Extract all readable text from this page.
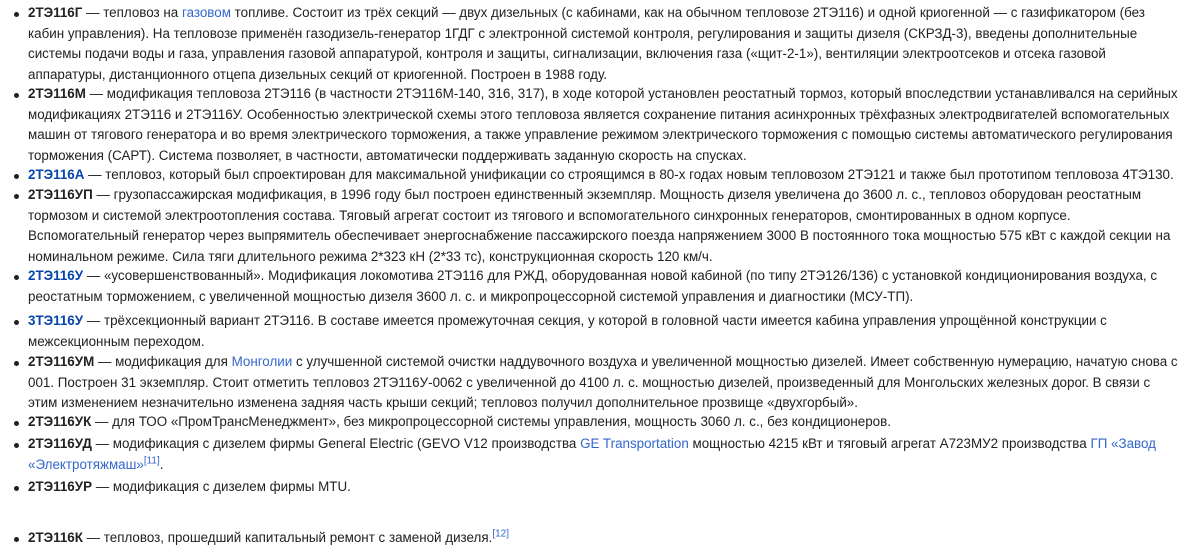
2ТЭ116Г — тепловоз на газовом топливе. Состоит из трёх секций — двух дизельных (с кабинами, как на обычном тепловозе 2ТЭ116) и одной криогенной — с газификатором (без кабин управления). На тепловозе применён газодизель-генератор 1ГДГ с электронной системой контроля, регулирования и защиты дизеля (СКРЗД-3), введены дополнительные системы подачи воды и газа, управления газовой аппаратурой, контроля и защиты, сигнализации, включения газа («щит-2-1»), вентиляции электроотсеков и отсека газовой аппаратуры, дистанционного отцепа дизельных секций от криогенной. Построен в 1988 году.
2ТЭ116М — модификация тепловоза 2ТЭ116 (в частности 2ТЭ116М-140, 316, 317), в ходе которой установлен реостатный тормоз, который впоследствии устанавливался на серийных модификациях 2ТЭ116 и 2ТЭ116У. Особенностью электрической схемы этого тепловоза является сохранение питания асинхронных трёхфазных электродвигателей вспомогательных машин от тягового генератора и во время электрического торможения, а также управление режимом электрического торможения с помощью системы автоматического регулирования торможения (САРТ). Система позволяет, в частности, автоматически поддерживать заданную скорость на спусках.
2ТЭ116А — тепловоз, который был спроектирован для максимальной унификации со строящимся в 80-х годах новым тепловозом 2ТЭ121 и также был прототипом тепловоза 4ТЭ130.
2ТЭ116УП — грузопассажирская модификация, в 1996 году был построен единственный экземпляр. Мощность дизеля увеличена до 3600 л. с., тепловоз оборудован реостатным тормозом и системой электроотопления состава. Тяговый агрегат состоит из тягового и вспомогательного синхронных генераторов, смонтированных в одном корпусе. Вспомогательный генератор через выпрямитель обеспечивает энергоснабжение пассажирского поезда напряжением 3000 В постоянного тока мощностью 575 кВт с каждой секции на номинальном режиме. Сила тяги длительного режима 2*323 кН (2*33 тс), конструкционная скорость 120 км/ч.
2ТЭ116У — «усовершенствованный». Модификация локомотива 2ТЭ116 для РЖД, оборудованная новой кабиной (по типу 2ТЭ126/136) с установкой кондиционирования воздуха, с реостатным торможением, с увеличенной мощностью дизеля 3600 л. с. и микропроцессорной системой управления и диагностики (МСУ-ТП).
3ТЭ116У — трёхсекционный вариант 2ТЭ116. В составе имеется промежуточная секция, у которой в головной части имеется кабина управления упрощённой конструкции с межсекционным переходом.
2ТЭ116УМ — модификация для Монголии с улучшенной системой очистки наддувочного воздуха и увеличенной мощностью дизелей. Имеет собственную нумерацию, начатую снова с 001. Построен 31 экземпляр. Стоит отметить тепловоз 2ТЭ116У-0062 с увеличенной до 4100 л. с. мощностью дизелей, произведенный для Монгольских железных дорог. В связи с этим изменением незначительно изменена задняя часть крыши секций; тепловоз получил дополнительное прозвище «двухгорбый».
2ТЭ116УК — для ТОО «ПромТрансМенеджмент», без микропроцессорной системы управления, мощность 3060 л. с., без кондиционеров.
2ТЭ116УД — модификация с дизелем фирмы General Electric (GEVO V12 производства GE Transportation мощностью 4215 кВт и тяговый агрегат А723МУ2 производства ГП «Завод «Электротяжмаш»[11].
2ТЭ116УР — модификация с дизелем фирмы MTU.
2ТЭ116К — тепловоз, прошедший капитальный ремонт с заменой дизеля.[12]
